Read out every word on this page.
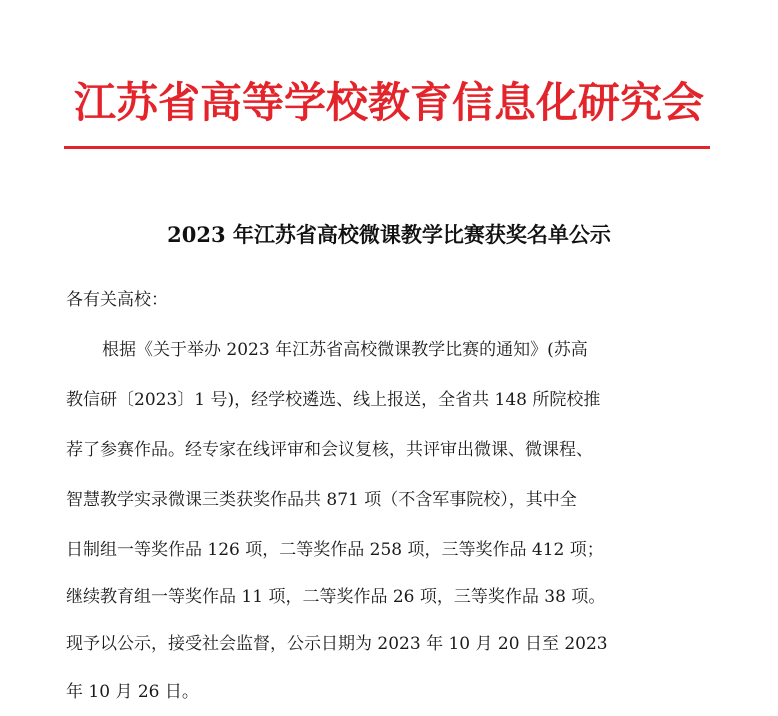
江苏省高等学校教育信息化研究会
2023 年江苏省高校微课教学比赛获奖名单公示
各有关高校：
根据《关于举办 2023 年江苏省高校微课教学比赛的通知》(苏高
教信研〔2023〕1 号)，经学校遴选、线上报送，全省共 148 所院校推
荐了参赛作品。经专家在线评审和会议复核，共评审出微课、微课程、
智慧教学实录微课三类获奖作品共 871 项（不含军事院校），其中全
日制组一等奖作品 126 项，二等奖作品 258 项，三等奖作品 412 项；
继续教育组一等奖作品 11 项，二等奖作品 26 项，三等奖作品 38 项。
现予以公示，接受社会监督，公示日期为 2023 年 10 月 20 日至 2023
年 10 月 26 日。
